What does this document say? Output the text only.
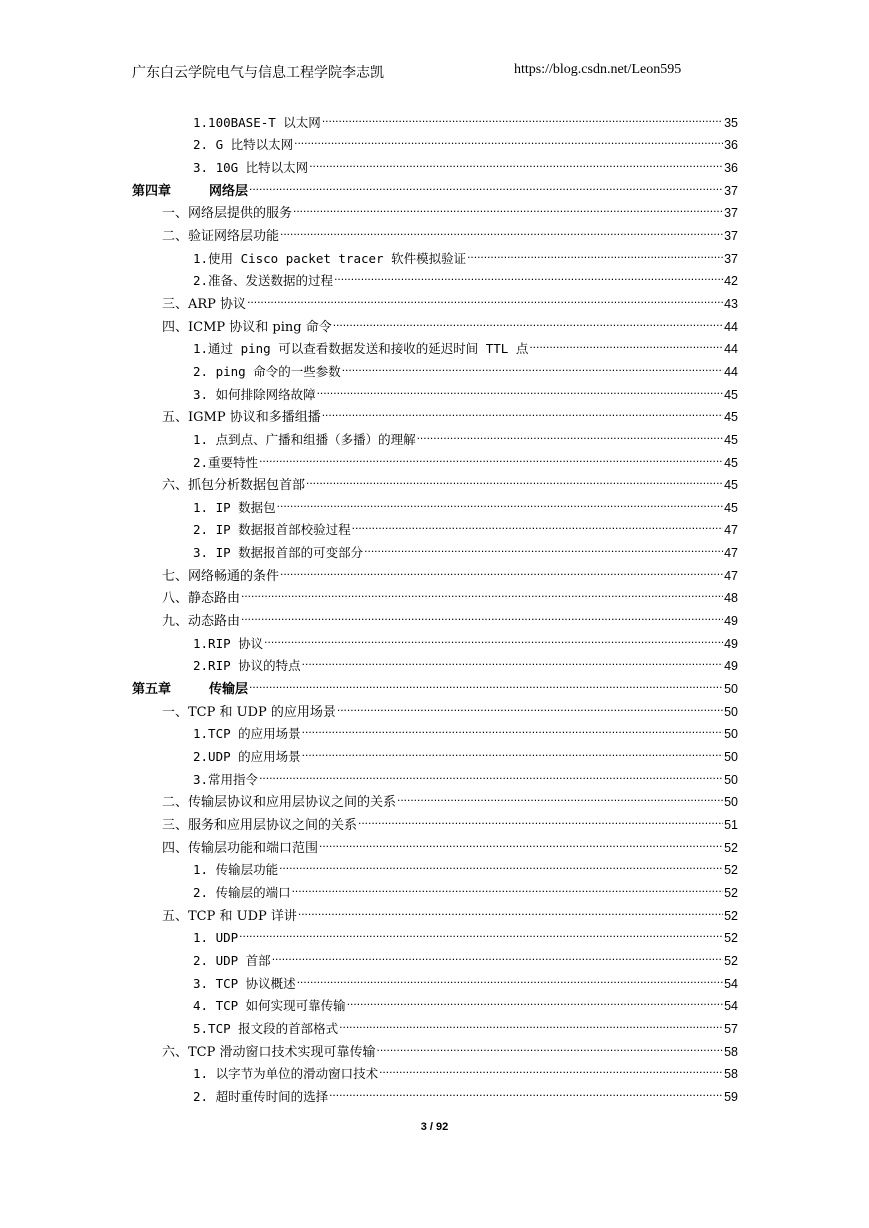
广东白云学院电气与信息工程学院李志凯	https://blog.csdn.net/Leon595
1.100BASE-T 以太网 .....	35
2. G 比特以太网 .....	36
3. 10G 比特以太网 .....	36
第四章	网络层 .....	37
一、网络层提供的服务 .....	37
二、验证网络层功能 .....	37
1.使用 Cisco packet tracer 软件模拟验证 .....	37
2.准备、发送数据的过程 .....	42
三、ARP 协议 .....	43
四、ICMP 协议和 ping 命令 .....	44
1.通过 ping 可以查看数据发送和接收的延迟时间 TTL 点 .....	44
2. ping 命令的一些参数 .....	44
3. 如何排除网络故障 .....	45
五、IGMP 协议和多播组播 .....	45
1. 点到点、广播和组播（多播）的理解 .....	45
2.重要特性 .....	45
六、抓包分析数据包首部 .....	45
1. IP 数据包 .....	45
2. IP 数据报首部校验过程 .....	47
3. IP 数据报首部的可变部分 .....	47
七、网络畅通的条件 .....	47
八、静态路由 .....	48
九、动态路由 .....	49
1.RIP 协议 .....	49
2.RIP 协议的特点 .....	49
第五章	传输层 .....	50
一、TCP 和 UDP 的应用场景 .....	50
1.TCP 的应用场景 .....	50
2.UDP 的应用场景 .....	50
3.常用指令 .....	50
二、传输层协议和应用层协议之间的关系 .....	50
三、服务和应用层协议之间的关系 .....	51
四、传输层功能和端口范围 .....	52
1. 传输层功能 .....	52
2. 传输层的端口 .....	52
五、TCP 和 UDP 详讲 .....	52
1. UDP .....	52
2. UDP 首部 .....	52
3. TCP 协议概述 .....	54
4. TCP 如何实现可靠传输 .....	54
5.TCP 报文段的首部格式 .....	57
六、TCP 滑动窗口技术实现可靠传输 .....	58
1. 以字节为单位的滑动窗口技术 .....	58
2. 超时重传时间的选择 .....	59
3 / 92
